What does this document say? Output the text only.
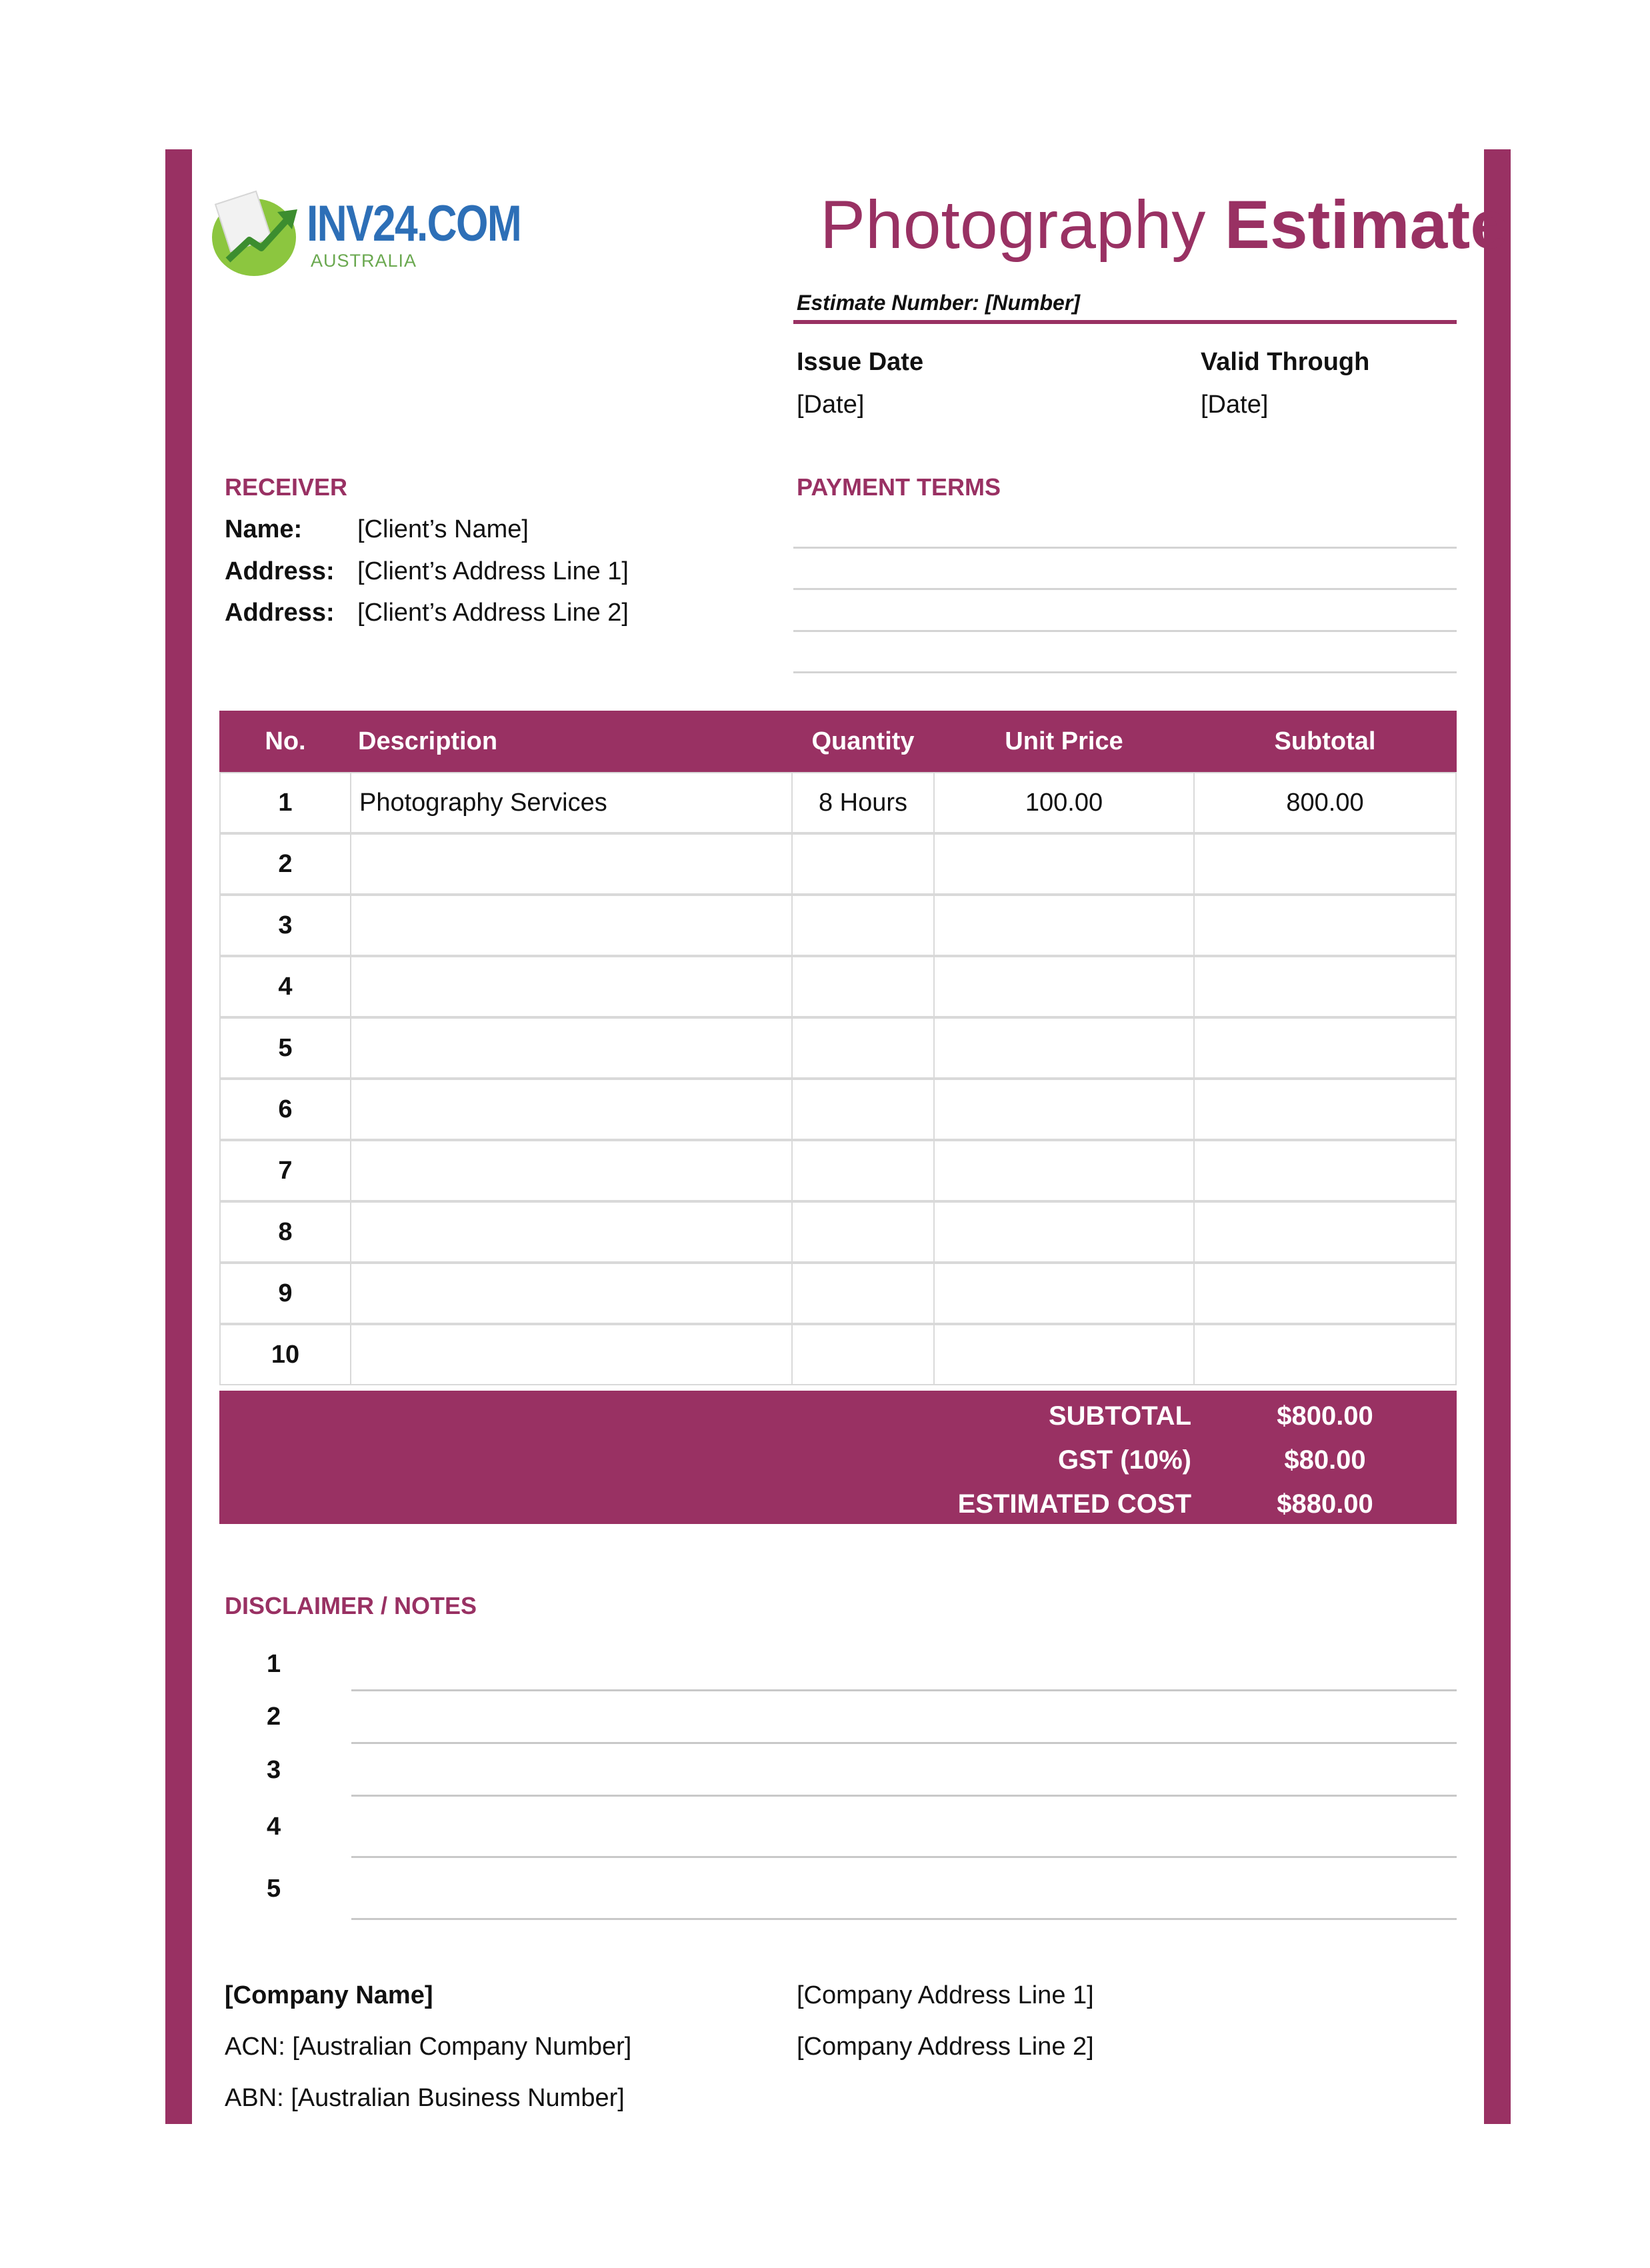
INV24.COM
AUSTRALIA	Photography Estimate
Estimate Number: [Number]
Issue Date
[Date]
Valid Through
[Date]
RECEIVER
Name: [Client’s Name]
Address: [Client’s Address Line 1]
Address: [Client’s Address Line 2]
PAYMENT TERMS
No.	Description	Quantity	Unit Price	Subtotal
1	Photography Services	8 Hours	100.00	800.00
2
3
4
5
6
7
8
9
10
SUBTOTAL	$800.00
GST (10%)	$80.00
ESTIMATED COST	$880.00
DISCLAIMER / NOTES
1
2
3
4
5
[Company Name]
ACN: [Australian Company Number]
ABN: [Australian Business Number]
[Company Address Line 1]
[Company Address Line 2]
